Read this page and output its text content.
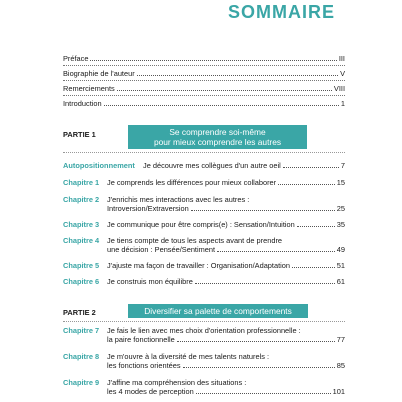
SOMMAIRE
Préface	III
Biographie de l'auteur	V
Remerciements	VIII
Introduction	1
PARTIE 1	Se comprendre soi-même
pour mieux comprendre les autres
Autopositionnement Je découvre mes collègues d'un autre oeil	7
Chapitre 1 Je comprends les différences pour mieux collaborer	15
Chapitre 2 J'enrichis mes interactions avec les autres :
Introversion/Extraversion	25
Chapitre 3 Je communique pour être compris(e) : Sensation/Intuition	35
Chapitre 4 Je tiens compte de tous les aspects avant de prendre
une décision : Pensée/Sentiment	49
Chapitre 5 J'ajuste ma façon de travailler : Organisation/Adaptation	51
Chapitre 6 Je construis mon équilibre	61
PARTIE 2	Diversifier sa palette de comportements
Chapitre 7 Je fais le lien avec mes choix d'orientation professionnelle :
la paire fonctionnelle	77
Chapitre 8 Je m'ouvre à la diversité de mes talents naturels :
les fonctions orientées	85
Chapitre 9 J'affine ma compréhension des situations :
les 4 modes de perception	101
